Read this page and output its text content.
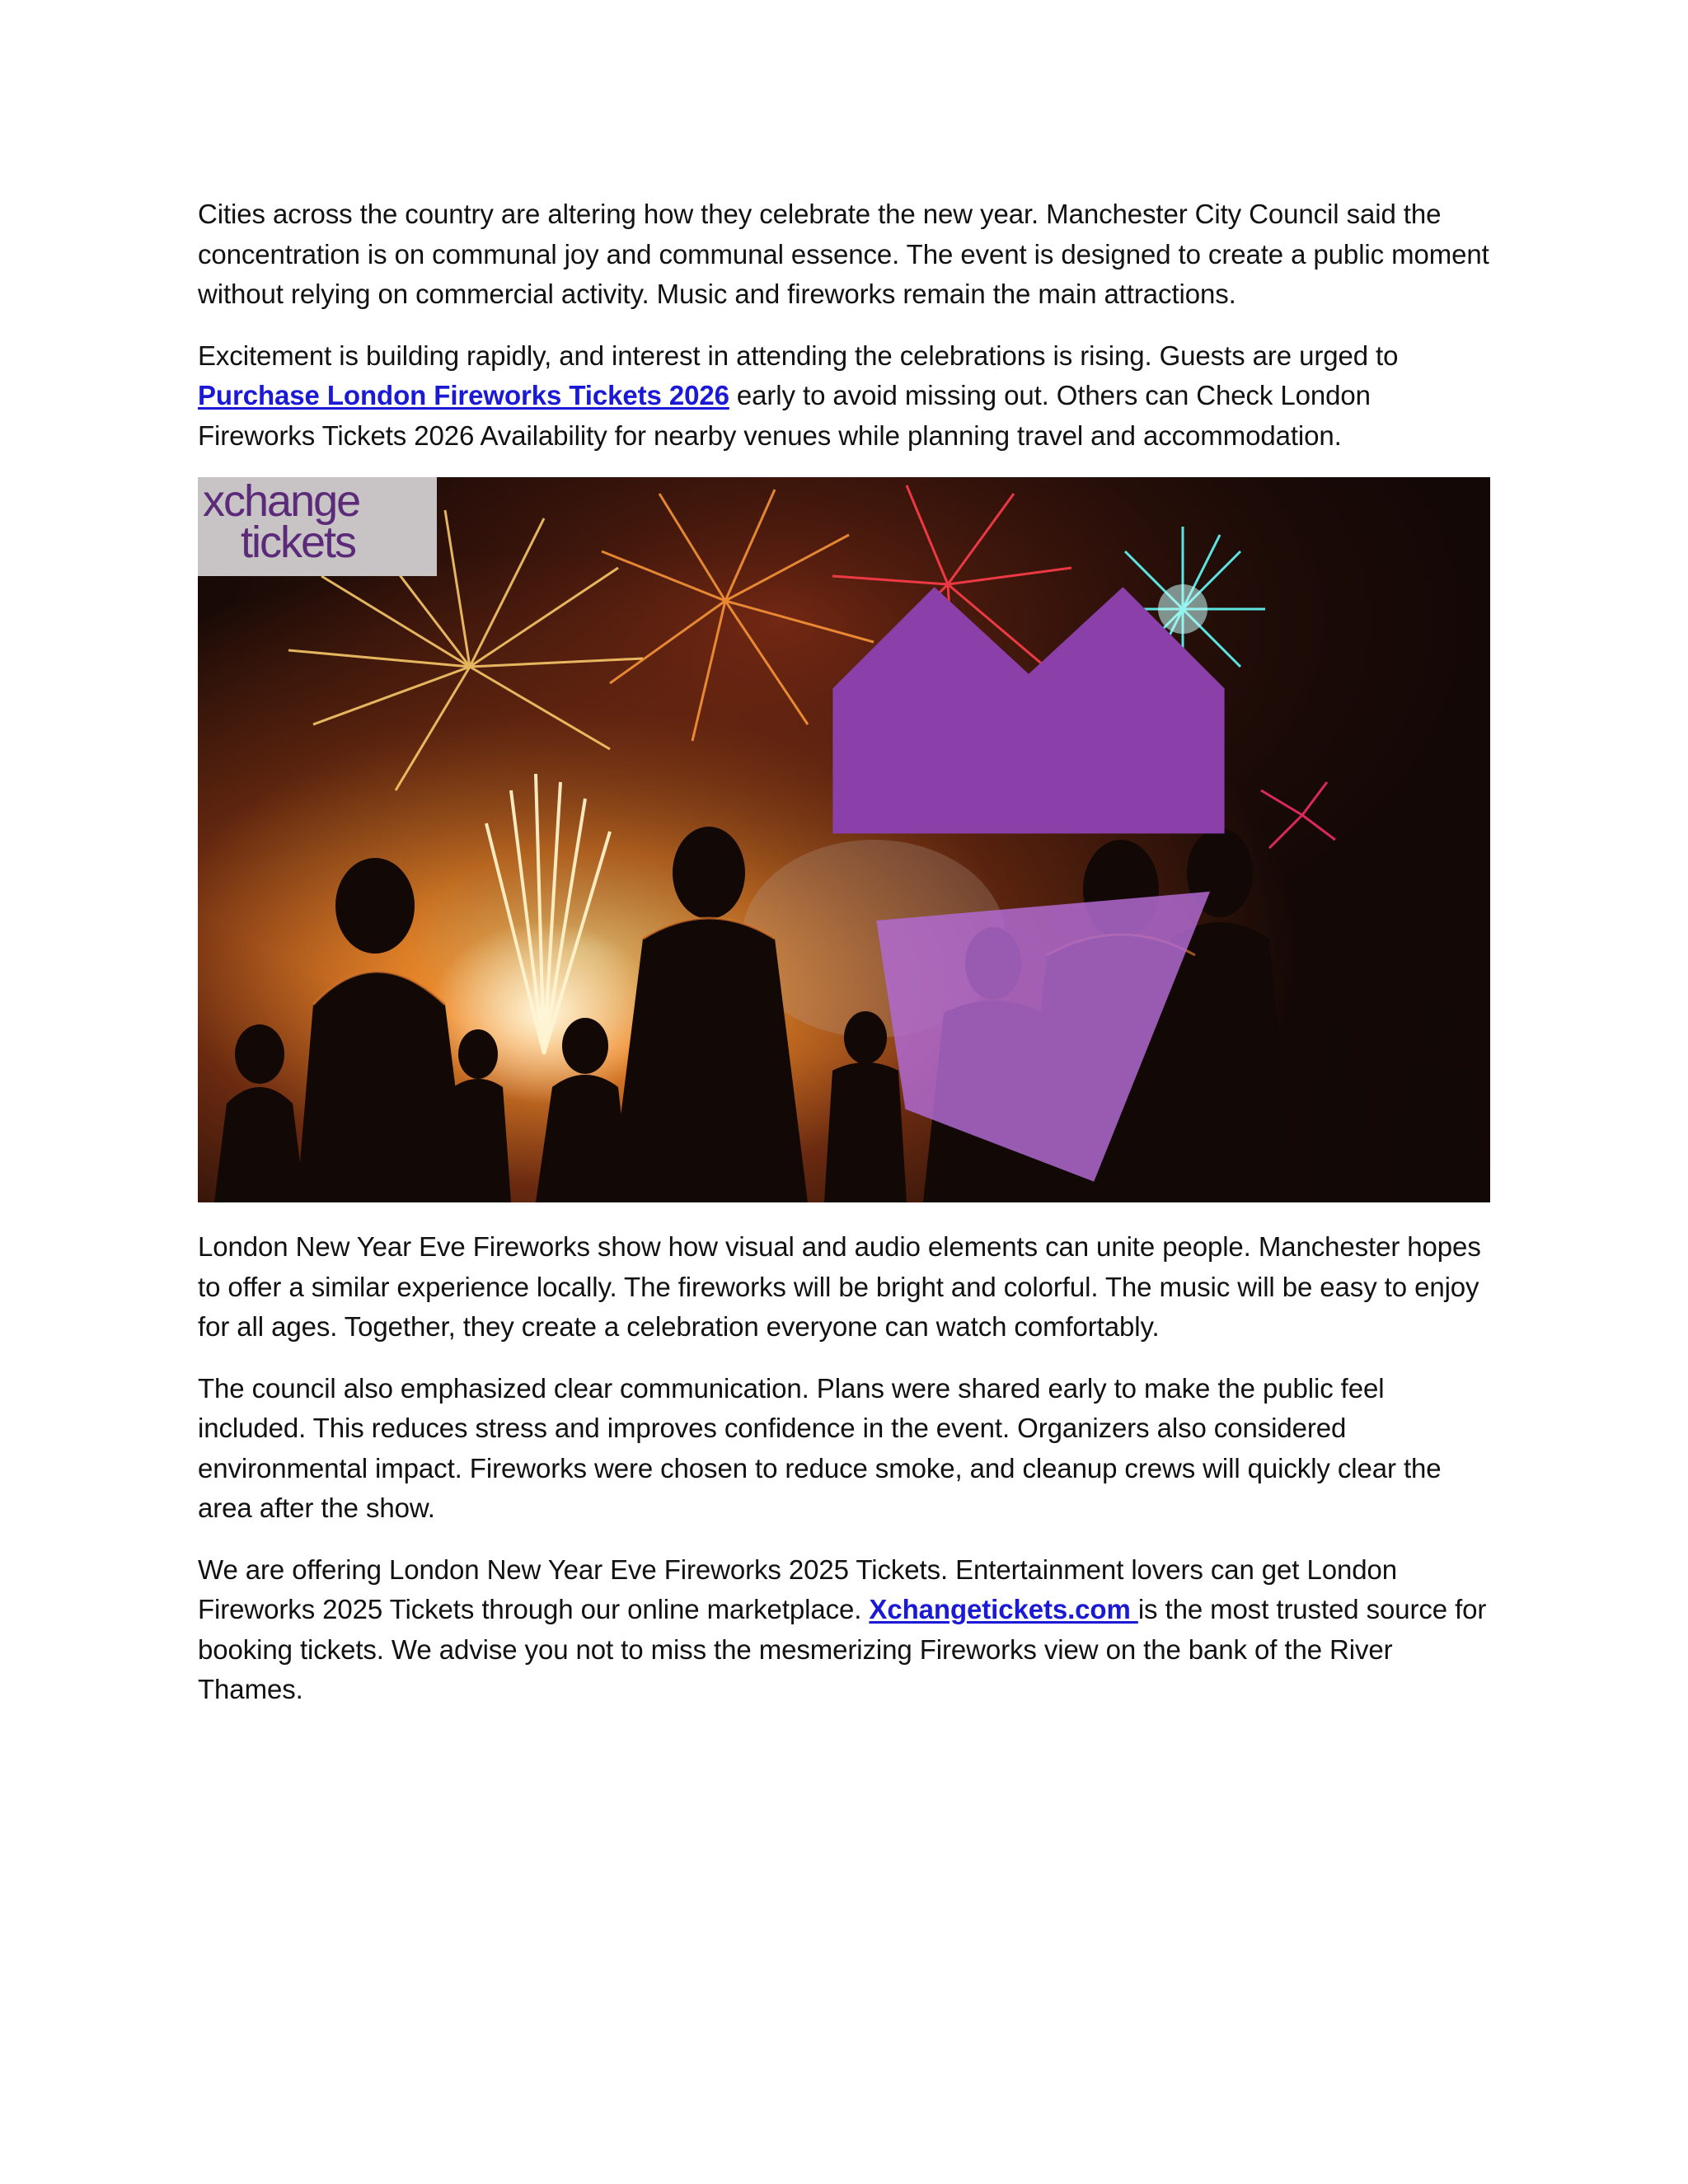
Cities across the country are altering how they celebrate the new year. Manchester City Council said the concentration is on communal joy and communal essence. The event is designed to create a public moment without relying on commercial activity. Music and fireworks remain the main attractions.

Excitement is building rapidly, and interest in attending the celebrations is rising. Guests are urged to Purchase London Fireworks Tickets 2026 early to avoid missing out. Others can Check London Fireworks Tickets 2026 Availability for nearby venues while planning travel and accommodation.

xchange
tickets

London New Year Eve Fireworks show how visual and audio elements can unite people. Manchester hopes to offer a similar experience locally. The fireworks will be bright and colorful. The music will be easy to enjoy for all ages. Together, they create a celebration everyone can watch comfortably.

The council also emphasized clear communication. Plans were shared early to make the public feel included. This reduces stress and improves confidence in the event. Organizers also considered environmental impact. Fireworks were chosen to reduce smoke, and cleanup crews will quickly clear the area after the show.

We are offering London New Year Eve Fireworks 2025 Tickets. Entertainment lovers can get London Fireworks 2025 Tickets through our online marketplace. Xchangetickets.com is the most trusted source for booking tickets. We advise you not to miss the mesmerizing Fireworks view on the bank of the River Thames.
